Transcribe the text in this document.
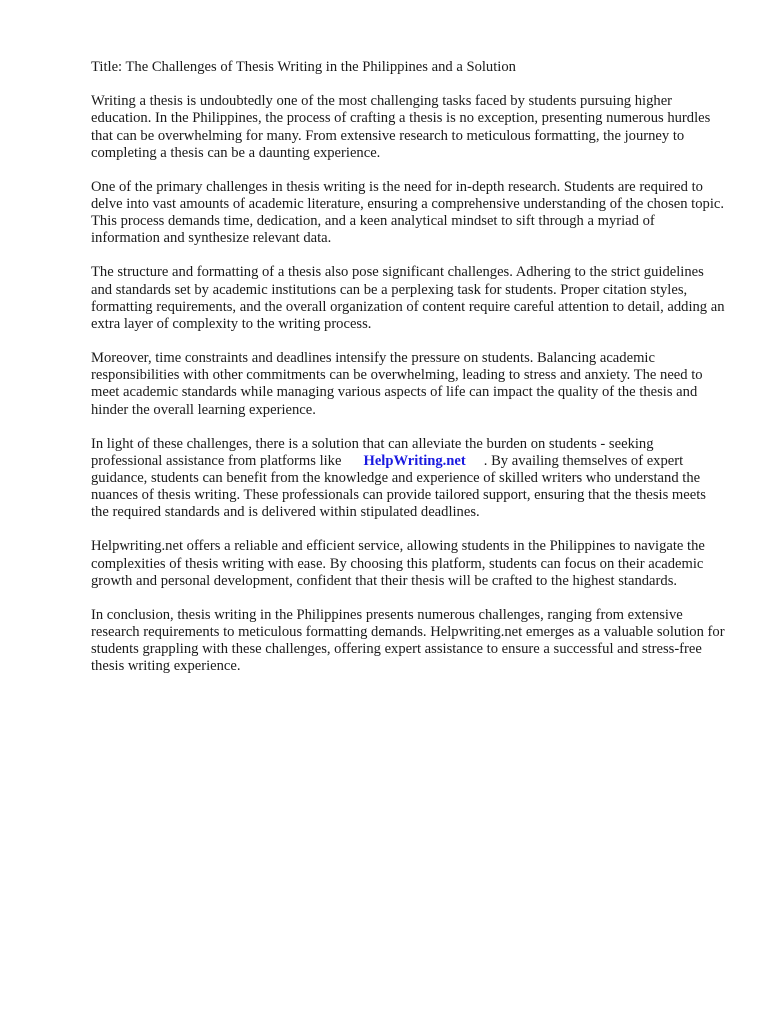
Title: The Challenges of Thesis Writing in the Philippines and a Solution

Writing a thesis is undoubtedly one of the most challenging tasks faced by students pursuing higher education. In the Philippines, the process of crafting a thesis is no exception, presenting numerous hurdles that can be overwhelming for many. From extensive research to meticulous formatting, the journey to completing a thesis can be a daunting experience.

One of the primary challenges in thesis writing is the need for in-depth research. Students are required to delve into vast amounts of academic literature, ensuring a comprehensive understanding of the chosen topic. This process demands time, dedication, and a keen analytical mindset to sift through a myriad of information and synthesize relevant data.

The structure and formatting of a thesis also pose significant challenges. Adhering to the strict guidelines and standards set by academic institutions can be a perplexing task for students. Proper citation styles, formatting requirements, and the overall organization of content require careful attention to detail, adding an extra layer of complexity to the writing process.

Moreover, time constraints and deadlines intensify the pressure on students. Balancing academic responsibilities with other commitments can be overwhelming, leading to stress and anxiety. The need to meet academic standards while managing various aspects of life can impact the quality of the thesis and hinder the overall learning experience.

In light of these challenges, there is a solution that can alleviate the burden on students - seeking professional assistance from platforms like HelpWriting.net . By availing themselves of expert guidance, students can benefit from the knowledge and experience of skilled writers who understand the nuances of thesis writing. These professionals can provide tailored support, ensuring that the thesis meets the required standards and is delivered within stipulated deadlines.

Helpwriting.net offers a reliable and efficient service, allowing students in the Philippines to navigate the complexities of thesis writing with ease. By choosing this platform, students can focus on their academic growth and personal development, confident that their thesis will be crafted to the highest standards.

In conclusion, thesis writing in the Philippines presents numerous challenges, ranging from extensive research requirements to meticulous formatting demands. Helpwriting.net emerges as a valuable solution for students grappling with these challenges, offering expert assistance to ensure a successful and stress-free thesis writing experience.
